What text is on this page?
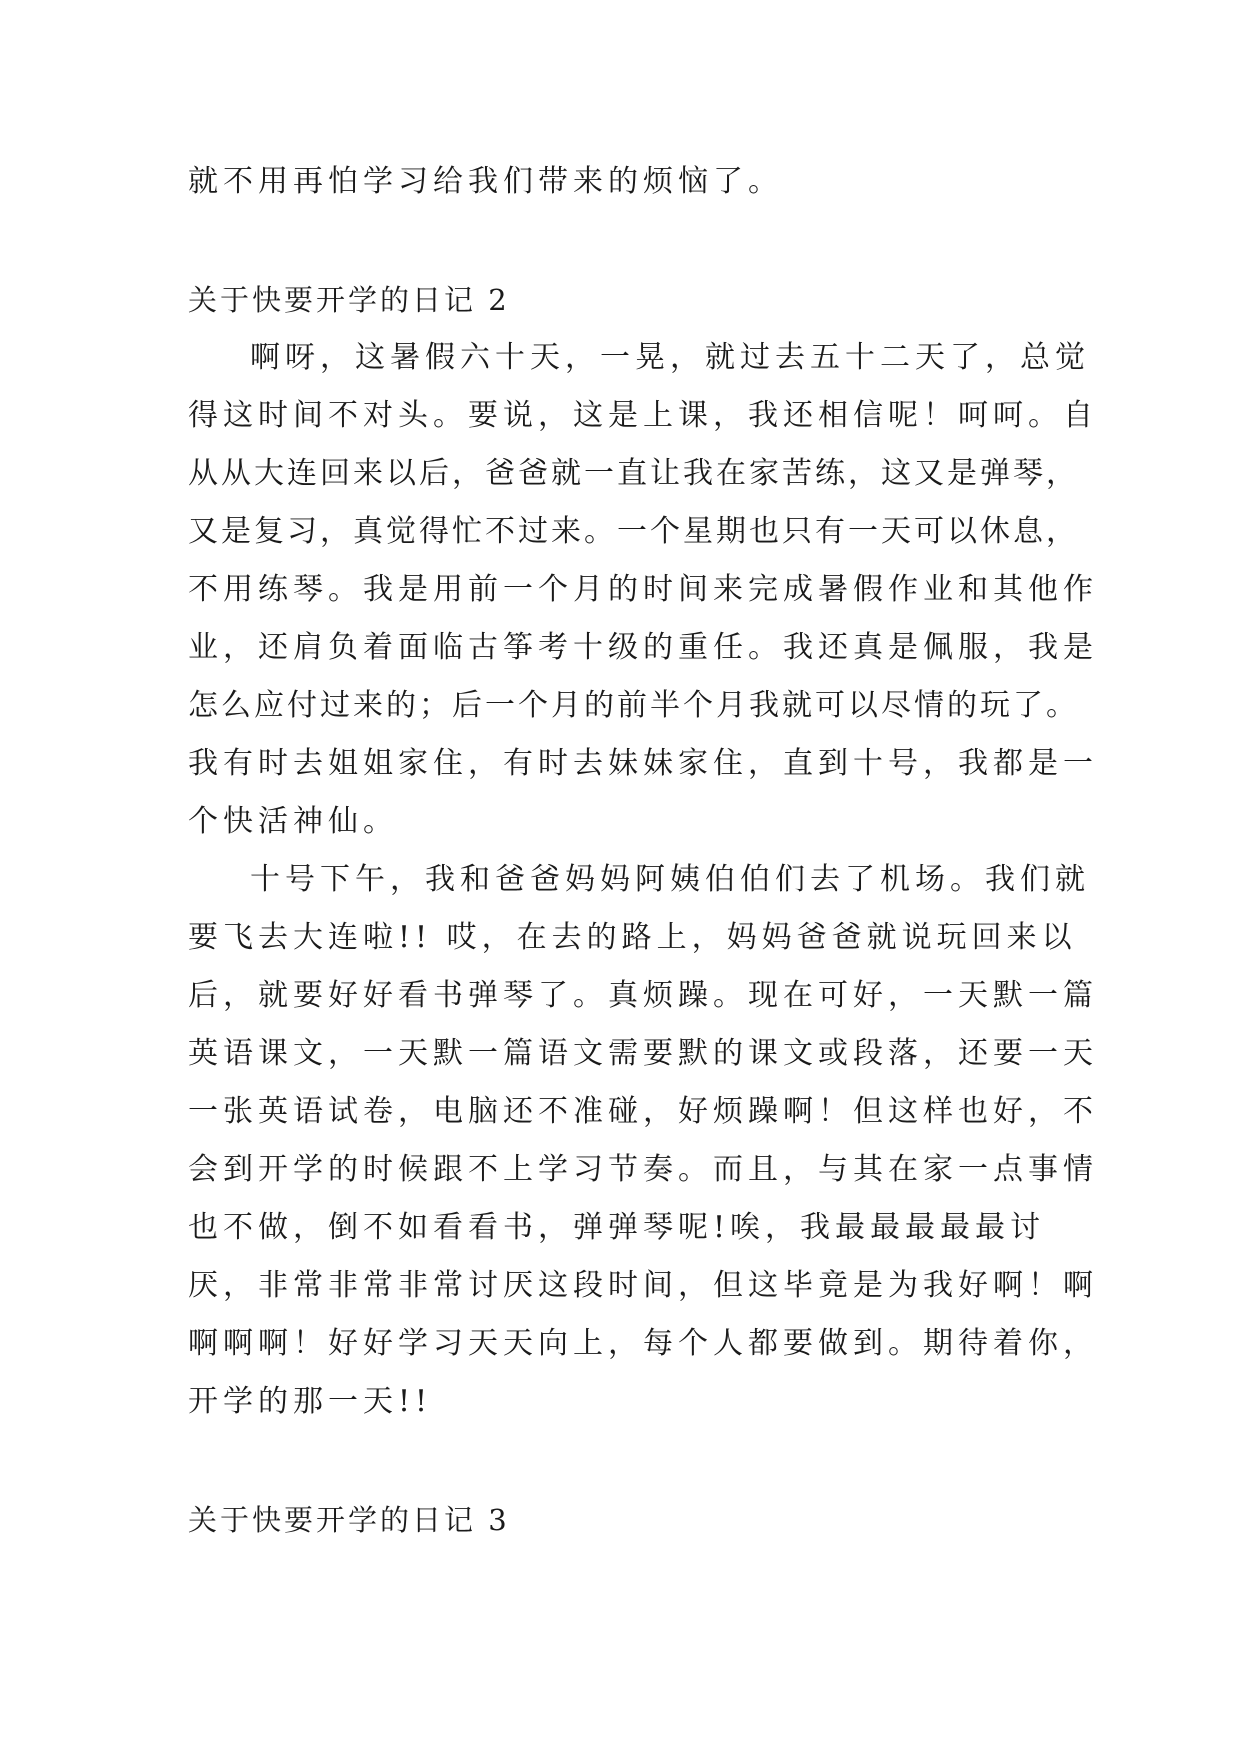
就不用再怕学习给我们带来的烦恼了。

关于快要开学的日记 2

啊呀，这暑假六十天，一晃，就过去五十二天了，总觉

得这时间不对头。要说，这是上课，我还相信呢！呵呵。自

从从大连回来以后，爸爸就一直让我在家苦练，这又是弹琴，

又是复习，真觉得忙不过来。一个星期也只有一天可以休息，

不用练琴。我是用前一个月的时间来完成暑假作业和其他作

业，还肩负着面临古筝考十级的重任。我还真是佩服，我是

怎么应付过来的；后一个月的前半个月我就可以尽情的玩了。

我有时去姐姐家住，有时去妹妹家住，直到十号，我都是一

个快活神仙。

十号下午，我和爸爸妈妈阿姨伯伯们去了机场。我们就

要飞去大连啦!! 哎，在去的路上，妈妈爸爸就说玩回来以

后，就要好好看书弹琴了。真烦躁。现在可好，一天默一篇

英语课文，一天默一篇语文需要默的课文或段落，还要一天

一张英语试卷，电脑还不准碰，好烦躁啊！但这样也好，不

会到开学的时候跟不上学习节奏。而且，与其在家一点事情

也不做，倒不如看看书，弹弹琴呢!唉，我最最最最最讨

厌，非常非常非常讨厌这段时间，但这毕竟是为我好啊！啊

啊啊啊！好好学习天天向上，每个人都要做到。期待着你，

开学的那一天!!

关于快要开学的日记 3
